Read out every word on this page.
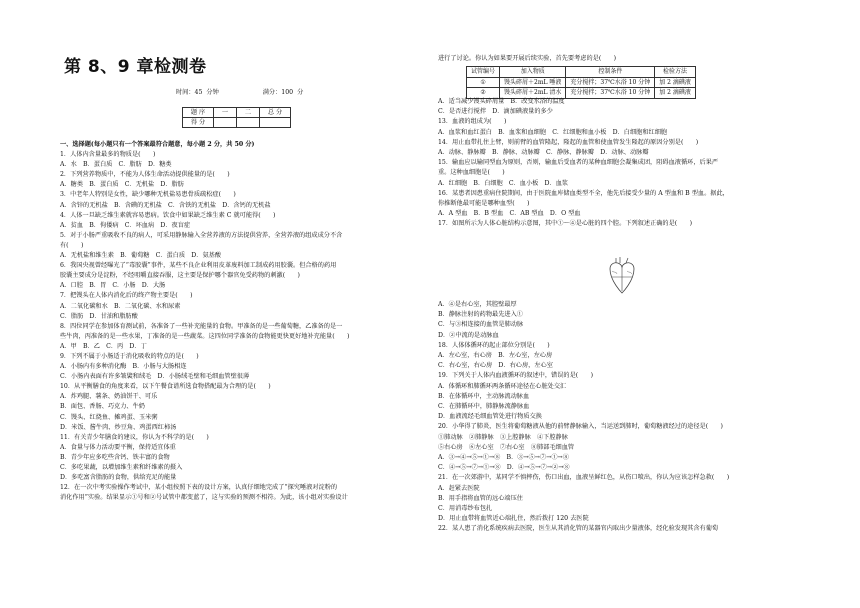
第 8、9 章检测卷
时间：45 分钟	满分：100 分
题 序	一	二	总 分
得 分			
一、选择题(每小题只有一个答案最符合题意，每小题 2 分，共 50 分)
1．人体内含量最多的物质是(　　)
A．水　B．蛋白质　C．脂肪　D．糖类
2．下列营养物质中，不能为人体生命活动提供能量的是(　　)
A．糖类　B．蛋白质　C．无机盐　D．脂肪
3．中老年人特别是女性，缺少哪种无机盐易患骨质疏松症(　　)
A．含锌的无机盐　B．含碘的无机盐　C．含铁的无机盐　D．含钙的无机盐
4．人体一旦缺乏维生素就容易患病。饮食中如果缺乏维生素 C 就可能得(　　)
A．贫血　B．佝偻病　C．坏血病　D．夜盲症
5．对于小肠严重吸收不良的病人，可采用静脉输入全营养液的方法提供营养，全营养液的组成成分不含
有(　　)
A．无机盐和维生素　B．葡萄糖　C．蛋白质　D．氨基酸
6．我国央视曾经曝光了“毒胶囊”事件，某些不良企业利用皮革废料加工制成药用胶囊。但合格的药用
胶囊主要成分是淀粉，不经咀嚼直接吞服，这主要是保护哪个器官免受药物的刺激(　　)
A．口腔　B．胃　C．小肠　D．大肠
7．把馒头在人体内消化后的终产物主要是(　　)
A．二氧化碳和水　B．二氧化碳、水和尿素
C．脂肪　D．甘油和脂肪酸
8．四位同学在参加体育测试前，各准备了一些补充能量的食物。甲准备的是一些葡萄糖，乙准备的是一
些牛肉，丙准备的是一些水果，丁准备的是一些蔬菜。这四位同学准备的食物能更快更好地补充能量(　　)
A．甲　B．乙　C．丙　D．丁
9．下列不属于小肠适于消化吸收的特点的是(　　)
A．小肠内有多种消化酶　B．小肠与大肠相连
C．小肠内表面有许多皱襞和绒毛　D．小肠绒毛壁和毛细血管壁很薄
10．从平衡膳食的角度来看，以下午餐食谱所选食物搭配最为合理的是(　　)
A．炸鸡腿、薯条、奶油饼干、可乐
B．面包、香肠、巧克力、牛奶
C．馒头、红烧鱼、摊鸡蛋、玉米粥
D．米饭、酱牛肉、炒豆角、鸡蛋西红柿汤
11．有关青少年膳食的建议，你认为不科学的是(　　)
A．食量与体力活动要平衡，保持适宜体重
B．青少年应多吃些含钙、铁丰富的食物
C．多吃果蔬，以增加维生素和纤维素的摄入
D．多吃富含脂肪的食物，供给充足的能量
12．在一次中考实验操作考试中，某小组按照下表的设计方案，认真仔细地完成了“探究唾液对淀粉的
消化作用”实验。结果显示①号和②号试管中都变蓝了，这与实验的预测不相符。为此，该小组对实验设计
进行了讨论。你认为如果要开展后续实验，首先要考虑的是(　　)
试管编号	加入物质	控制条件	检验方法
①	馒头碎屑＋2mL 唾液	充分搅拌；37℃水浴 10 分钟	加 2 滴碘液
②	馒头碎屑＋2mL 清水	充分搅拌；37℃水浴 10 分钟	加 2 滴碘液
A．适当减少馒头碎屑量　B．改变水浴的温度
C．是否进行搅拌　D．滴加碘液量的多少
13．血液的组成为(　　)
A．血浆和血红蛋白　B．血浆和血细胞　C．红细胞和血小板　D．白细胞和红细胞
14．用止血带扎住上臂，则前臂的血管隆起，隆起的血管和使血管发生隆起的原因分别是(　　)
A．动脉、静脉瓣　B．静脉、动脉瓣　C．静脉、静脉瓣　D．动脉、动脉瓣
15．输血应以输同型血为原则，否则，输血后受血者的某种血细胞会凝集成团，阻碍血液循环，后果严
重。这种血细胞是(　　)
A．红细胞　B．白细胞　C．血小板　D．血浆
16．某患者因患重病住院期间，由于医院血库储血类型不全，他先后接受少量的 A 型血和 B 型血。据此，
你推断他最可能是哪种血型(　　)
A．A 型血　B．B 型血　C．AB 型血　D．O 型血
17．如图所示为人体心脏结构示意图，其中①～④是心脏的四个腔。下列叙述正确的是(　　)
A．④是右心室，其腔壁最厚
B．静脉注射的药物最先进入①
C．与③相连接的血管是肺动脉
D．②中流的是动脉血
18．人体体循环的起止部位分别是(　　)
A．左心室，右心房　B．左心室，左心房
C．右心室，右心房　D．右心房，左心室
19．下列关于人体内血液循环的叙述中，错误的是(　　)
A．体循环和肺循环两条循环途径在心脏处交汇
B．在体循环中，主动脉流动脉血
C．在肺循环中，肺静脉流静脉血
D．血液流经毛细血管处进行物质交换
20．小华得了肺炎，医生将葡萄糖液从他的前臂静脉输入，当运送到肺时，葡萄糖液经过的途径是(　　)
①肺动脉　②肺静脉　③上腔静脉　④下腔静脉
⑤右心房　⑥左心室　⑦右心室　⑧肺部毛细血管
A．③→④→⑤→①→⑧　B．③→⑤→⑦→①→⑧
C．④→⑤→⑦→①→⑧　D．④→⑤→⑦→②→⑧
21．在一次郊游中，某同学不慎摔伤，伤口出血，血液呈鲜红色，从伤口喷出，你认为应该怎样急救(　　)
A．赶紧去医院
B．用手指将血管的远心端压住
C．用消毒纱布包扎
D．用止血带将血管近心端扎住，然后拨打 120 去医院
22．某人患了消化系统疾病去医院，医生从其消化管的某器官内取出少量液体，经化验发现其含有葡萄
